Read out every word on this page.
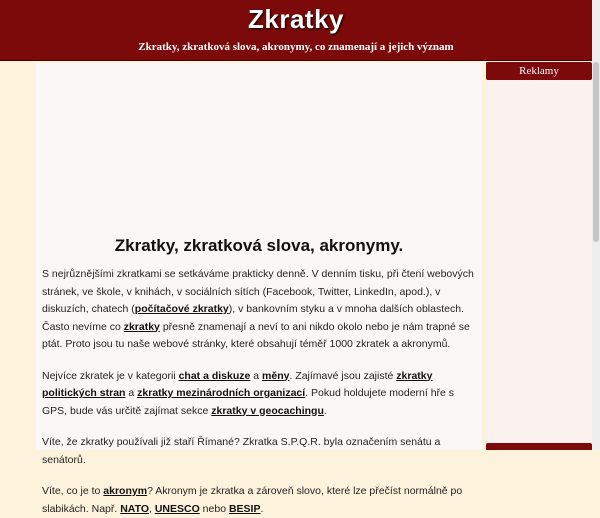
Zkratky
Zkratky, zkratková slova, akronymy, co znamenají a jejich význam
Zkratky, zkratková slova, akronymy.

S nejrůznějšími zkratkami se setkáváme prakticky denně. V denním tisku, při čtení webových stránek, ve škole, v knihách, v sociálních sítích (Facebook, Twitter, LinkedIn, apod.), v diskuzích, chatech (počítačové zkratky), v bankovním styku a v mnoha dalších oblastech. Často nevíme co zkratky přesně znamenají a neví to ani nikdo okolo nebo je nám trapné se ptát. Proto jsou tu naše webové stránky, které obsahují téměř 1000 zkratek a akronymů.

Nejvíce zkratek je v kategorii chat a diskuze a měny. Zajímavé jsou zajisté zkratky politických stran a zkratky mezinárodních organizací. Pokud holdujete moderní hře s GPS, bude vás určitě zajímat sekce zkratky v geocachingu.

Víte, že zkratky používali již staří Římané? Zkratka S.P.Q.R. byla označením senátu a senátorů.

Víte, co je to akronym? Akronym je zkratka a zároveň slovo, které lze přečíst normálně po slabikách. Např. NATO, UNESCO nebo BESIP.

Reklamy
